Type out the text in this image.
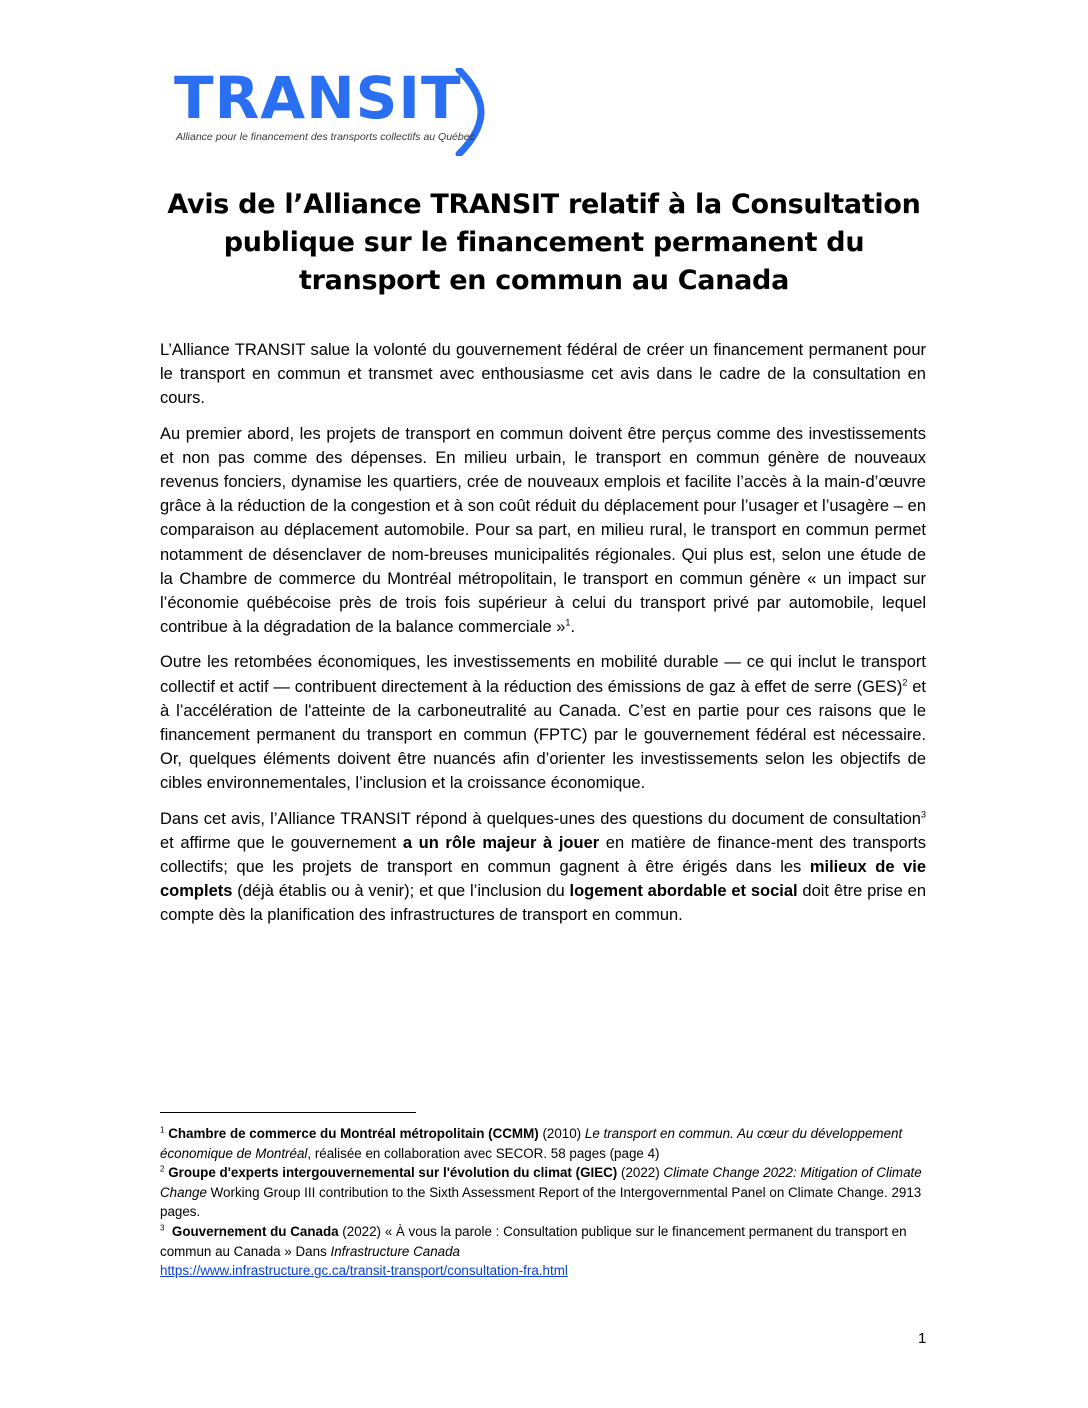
TRANSIT
Alliance pour le financement des transports collectifs au Québec
Avis de l’Alliance TRANSIT relatif à la Consultation publique sur le financement permanent du transport en commun au Canada

L’Alliance TRANSIT salue la volonté du gouvernement fédéral de créer un financement permanent pour le transport en commun et transmet avec enthousiasme cet avis dans le cadre de la consultation en cours.

Au premier abord, les projets de transport en commun doivent être perçus comme des investissements et non pas comme des dépenses. En milieu urbain, le transport en commun génère de nouveaux revenus fonciers, dynamise les quartiers, crée de nouveaux emplois et facilite l’accès à la main-d’œuvre grâce à la réduction de la congestion et à son coût réduit du déplacement pour l’usager et l’usagère – en comparaison au déplacement automobile. Pour sa part, en milieu rural, le transport en commun permet notamment de désenclaver de nom-breuses municipalités régionales. Qui plus est, selon une étude de la Chambre de commerce du Montréal métropolitain, le transport en commun génère « un impact sur l’économie québécoise près de trois fois supérieur à celui du transport privé par automobile, lequel contribue à la dégradation de la balance commerciale »$^1$.

Outre les retombées économiques, les investissements en mobilité durable — ce qui inclut le transport collectif et actif — contribuent directement à la réduction des émissions de gaz à effet de serre (GES)$^2$ et à l’accélération de l'atteinte de la carboneutralité au Canada. C’est en partie pour ces raisons que le financement permanent du transport en commun (FPTC) par le gouvernement fédéral est nécessaire. Or, quelques éléments doivent être nuancés afin d’orienter les investissements selon les objectifs de cibles environnementales, l’inclusion et la croissance économique.

Dans cet avis, l’Alliance TRANSIT répond à quelques-unes des questions du document de consultation$^3$ et affirme que le gouvernement a un rôle majeur à jouer en matière de finance-ment des transports collectifs; que les projets de transport en commun gagnent à être érigés dans les milieux de vie complets (déjà établis ou à venir); et que l’inclusion du logement abordable et social doit être prise en compte dès la planification des infrastructures de transport en commun.

$^1$ Chambre de commerce du Montréal métropolitain (CCMM) (2010) Le transport en commun. Au cœur du développement économique de Montréal, réalisée en collaboration avec SECOR. 58 pages (page 4)

$^2$ Groupe d'experts intergouvernemental sur l'évolution du climat (GIEC) (2022) Climate Change 2022: Mitigation of Climate Change Working Group III contribution to the Sixth Assessment Report of the Intergovernmental Panel on Climate Change. 2913 pages.

$^3$ Gouvernement du Canada (2022) « À vous la parole : Consultation publique sur le financement permanent du transport en commun au Canada » Dans Infrastructure Canada
https://www.infrastructure.gc.ca/transit-transport/consultation-fra.html

1
